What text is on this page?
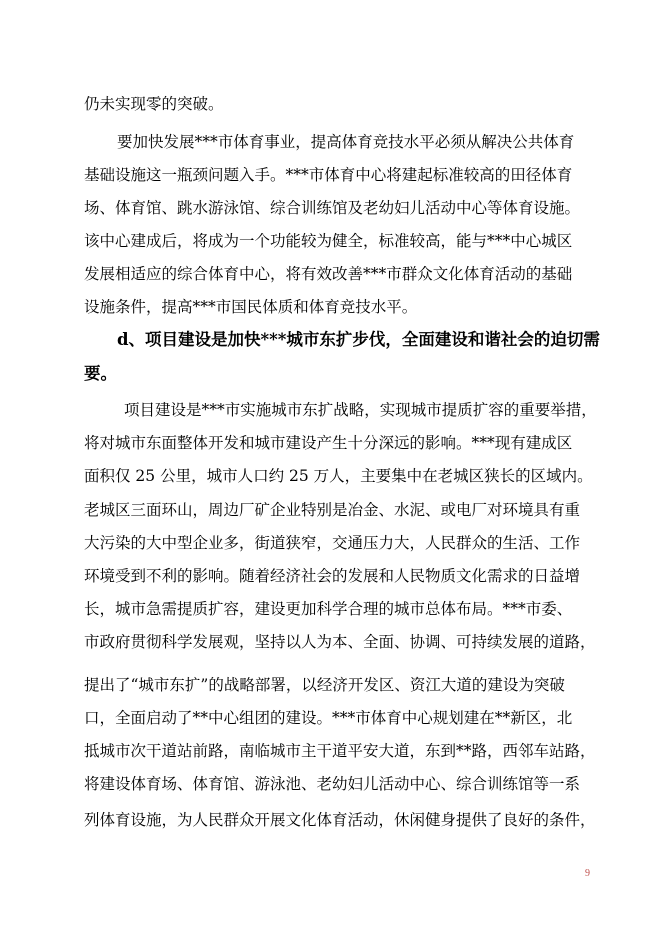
仍未实现零的突破。
要加快发展***市体育事业，提高体育竞技水平必须从解决公共体育
基础设施这一瓶颈问题入手。***市体育中心将建起标准较高的田径体育
场、体育馆、跳水游泳馆、综合训练馆及老幼妇儿活动中心等体育设施。
该中心建成后，将成为一个功能较为健全，标准较高，能与***中心城区
发展相适应的综合体育中心，将有效改善***市群众文化体育活动的基础
设施条件，提高***市国民体质和体育竞技水平。
d、项目建设是加快***城市东扩步伐，全面建设和谐社会的迫切需
要。
项目建设是***市实施城市东扩战略，实现城市提质扩容的重要举措，
将对城市东面整体开发和城市建设产生十分深远的影响。***现有建成区
面积仅 25 公里，城市人口约 25 万人，主要集中在老城区狭长的区域内。
老城区三面环山，周边厂矿企业特别是冶金、水泥、或电厂对环境具有重
大污染的大中型企业多，街道狭窄，交通压力大，人民群众的生活、工作
环境受到不利的影响。随着经济社会的发展和人民物质文化需求的日益增
长，城市急需提质扩容，建设更加科学合理的城市总体布局。***市委、
市政府贯彻科学发展观，坚持以人为本、全面、协调、可持续发展的道路，
提出了“城市东扩”的战略部署，以经济开发区、资江大道的建设为突破
口，全面启动了**中心组团的建设。***市体育中心规划建在**新区，北
抵城市次干道站前路，南临城市主干道平安大道，东到**路，西邻车站路，
将建设体育场、体育馆、游泳池、老幼妇儿活动中心、综合训练馆等一系
列体育设施，为人民群众开展文化体育活动，休闲健身提供了良好的条件，
9
